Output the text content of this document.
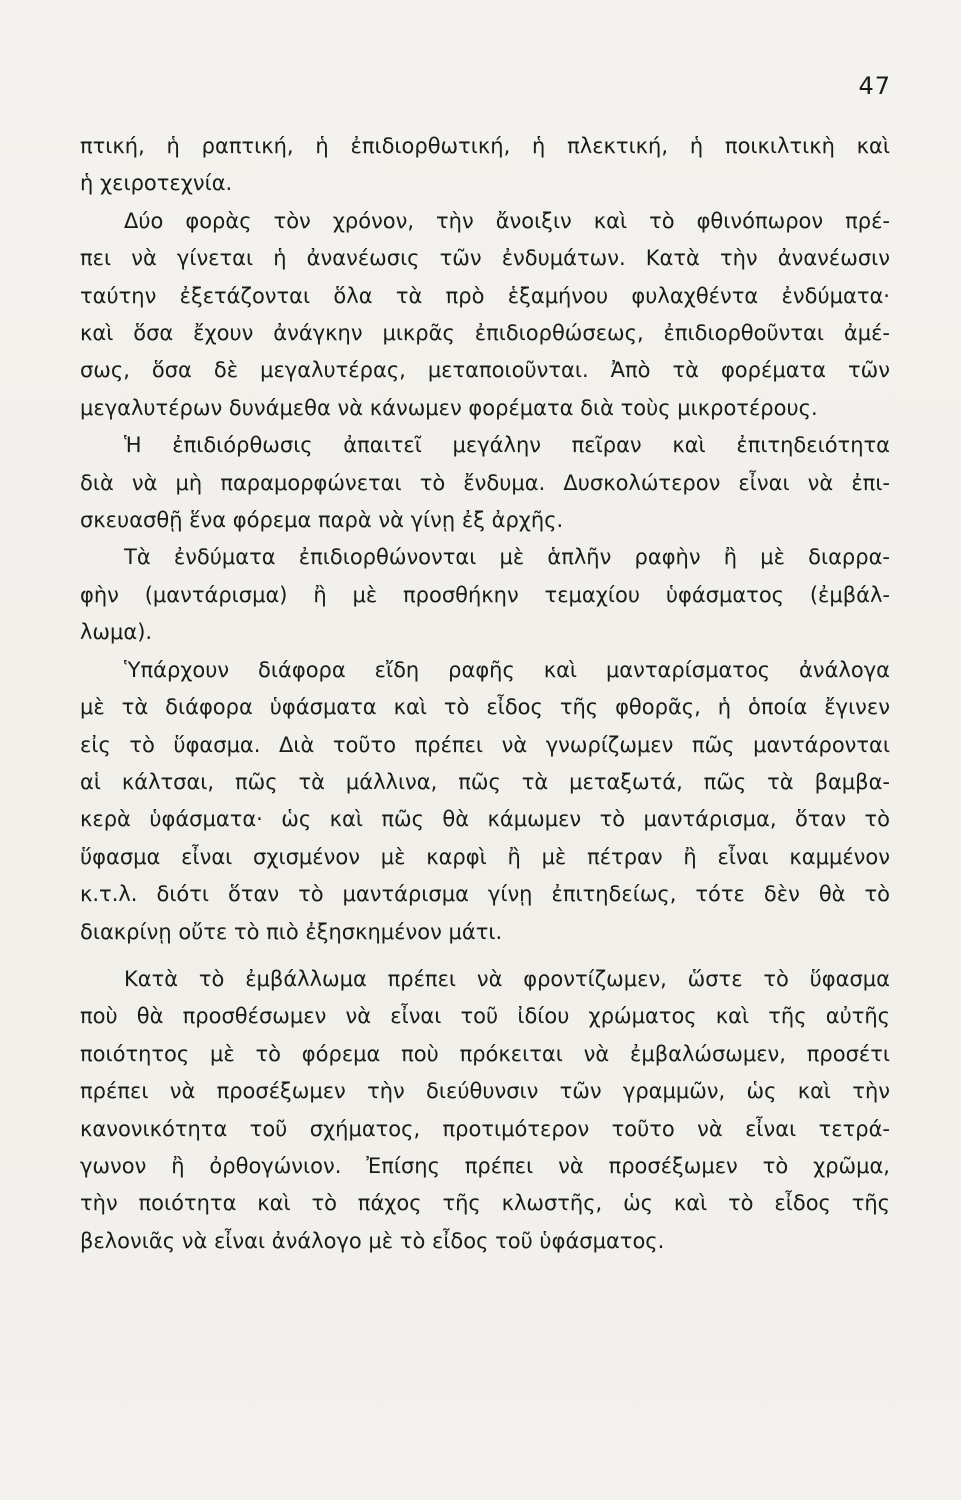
47
πτική, ἡ ραπτική, ἡ ἐπιδιορθωτική, ἡ πλεκτική, ἡ ποικιλτικὴ καὶ
ἡ χειροτεχνία.
Δύο φορὰς τὸν χρόνον, τὴν ἄνοιξιν καὶ τὸ φθινόπωρον πρέ-
πει νὰ γίνεται ἡ ἀνανέωσις τῶν ἐνδυμάτων. Κατὰ τὴν ἀνανέωσιν
ταύτην ἐξετάζονται ὅλα τὰ πρὸ ἑξαμήνου φυλαχθέντα ἐνδύματα·
καὶ ὅσα ἔχουν ἀνάγκην μικρᾶς ἐπιδιορθώσεως, ἐπιδιορθοῦνται ἀμέ-
σως, ὅσα δὲ μεγαλυτέρας, μεταποιοῦνται. Ἀπὸ τὰ φορέματα τῶν
μεγαλυτέρων δυνάμεθα νὰ κάνωμεν φορέματα διὰ τοὺς μικροτέρους.
Ἡ ἐπιδιόρθωσις ἀπαιτεῖ μεγάλην πεῖραν καὶ ἐπιτηδειότητα
διὰ νὰ μὴ παραμορφώνεται τὸ ἔνδυμα. Δυσκολώτερον εἶναι νὰ ἐπι-
σκευασθῇ ἕνα φόρεμα παρὰ νὰ γίνῃ ἐξ ἀρχῆς.
Τὰ ἐνδύματα ἐπιδιορθώνονται μὲ ἁπλῆν ραφὴν ἢ μὲ διαρρα-
φὴν (μαντάρισμα) ἢ μὲ προσθήκην τεμαχίου ὑφάσματος (ἐμβάλ-
λωμα).
Ὑπάρχουν διάφορα εἴδη ραφῆς καὶ μανταρίσματος ἀνάλογα
μὲ τὰ διάφορα ὑφάσματα καὶ τὸ εἶδος τῆς φθορᾶς, ἡ ὁποία ἔγινεν
εἰς τὸ ὕφασμα. Διὰ τοῦτο πρέπει νὰ γνωρίζωμεν πῶς μαντάρονται
αἱ κάλτσαι, πῶς τὰ μάλλινα, πῶς τὰ μεταξωτά, πῶς τὰ βαμβα-
κερὰ ὑφάσματα· ὡς καὶ πῶς θὰ κάμωμεν τὸ μαντάρισμα, ὅταν τὸ
ὕφασμα εἶναι σχισμένον μὲ καρφὶ ἢ μὲ πέτραν ἢ εἶναι καμμένον
κ.τ.λ. διότι ὅταν τὸ μαντάρισμα γίνῃ ἐπιτηδείως, τότε δὲν θὰ τὸ
διακρίνῃ οὔτε τὸ πιὸ ἐξησκημένον μάτι.
Κατὰ τὸ ἐμβάλλωμα πρέπει νὰ φροντίζωμεν, ὥστε τὸ ὕφασμα
ποὺ θὰ προσθέσωμεν νὰ εἶναι τοῦ ἰδίου χρώματος καὶ τῆς αὐτῆς
ποιότητος μὲ τὸ φόρεμα ποὺ πρόκειται νὰ ἐμβαλώσωμεν, προσέτι
πρέπει νὰ προσέξωμεν τὴν διεύθυνσιν τῶν γραμμῶν, ὡς καὶ τὴν
κανονικότητα τοῦ σχήματος, προτιμότερον τοῦτο νὰ εἶναι τετρά-
γωνον ἢ ὀρθογώνιον. Ἐπίσης πρέπει νὰ προσέξωμεν τὸ χρῶμα,
τὴν ποιότητα καὶ τὸ πάχος τῆς κλωστῆς, ὡς καὶ τὸ εἶδος τῆς
βελονιᾶς νὰ εἶναι ἀνάλογο μὲ τὸ εἶδος τοῦ ὑφάσματος.
